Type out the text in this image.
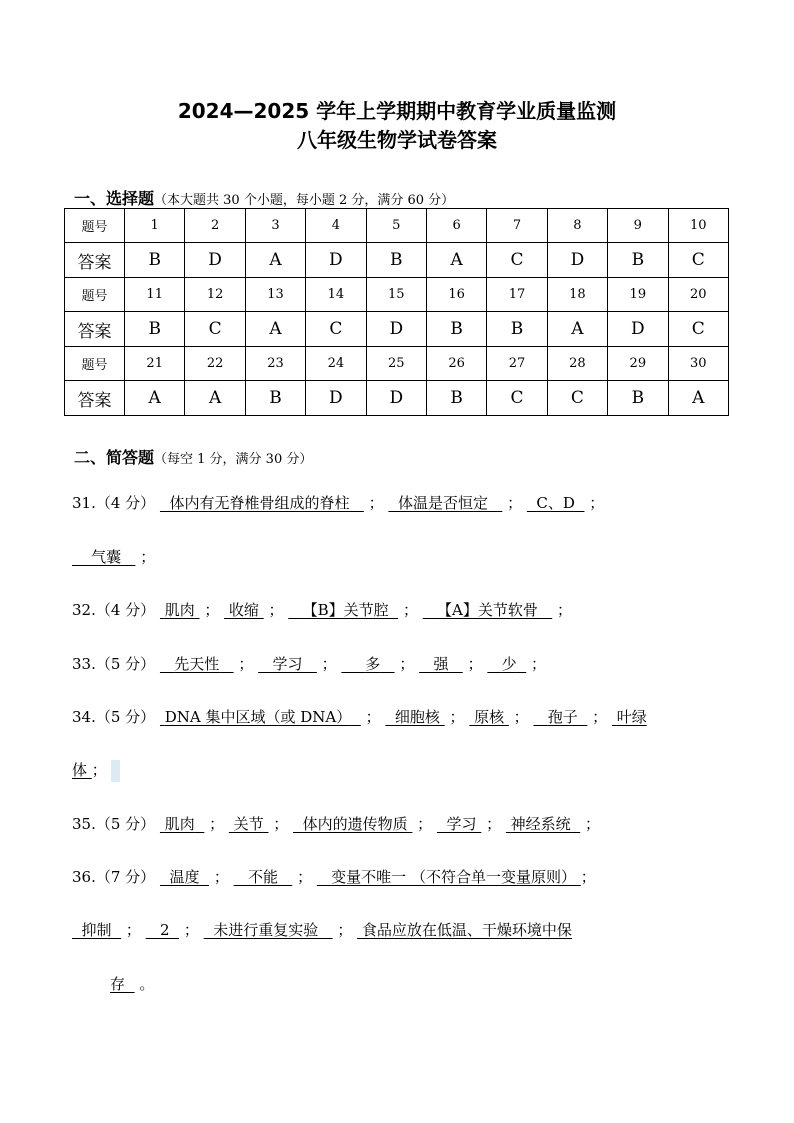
2024—2025 学年上学期期中教育学业质量监测
八年级生物学试卷答案
一、选择题（本大题共 30 个小题，每小题 2 分，满分 60 分）
题号	1	2	3	4	5	6	7	8	9	10
答案	B	D	A	D	B	A	C	D	B	C
题号	11	12	13	14	15	16	17	18	19	20
答案	B	C	A	C	D	B	B	A	D	C
题号	21	22	23	24	25	26	27	28	29	30
答案	A	A	B	D	D	B	C	C	B	A
二、简答题（每空 1 分，满分 30 分）
31.（4 分） 体内有无脊椎骨组成的脊柱 ； 体温是否恒定 ； C、D ；
气囊 ；
32.（4 分） 肌肉 ； 收缩 ； 【B】关节腔 ； 【A】关节软骨 ；
33.（5 分） 先天性 ； 学习 ； 多 ； 强 ； 少 ；
34.（5 分） DNA 集中区域（或 DNA） ； 细胞核 ； 原核 ； 孢子 ； 叶绿
体 ；
35.（5 分） 肌肉 ； 关节 ； 体内的遗传物质 ； 学习 ； 神经系统 ；
36.（7 分） 温度 ； 不能 ； 变量不唯一 （不符合单一变量原则） ；
抑制 ； 2 ； 未进行重复实验 ； 食品应放在低温、干燥环境中保
存 。
